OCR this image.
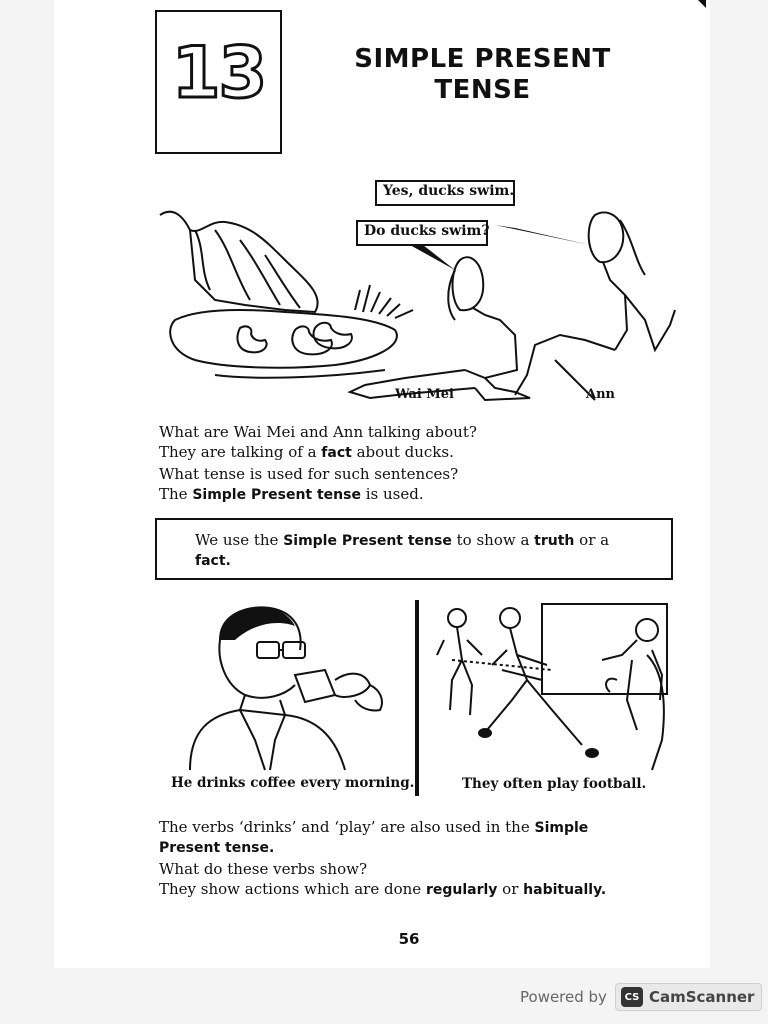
13	SIMPLE PRESENT
TENSE
Yes, ducks swim.
Do ducks swim?
Wai Mei	Ann
What are Wai Mei and Ann talking about?
They are talking of a fact about ducks.
What tense is used for such sentences?
The Simple Present tense is used.
We use the Simple Present tense to show a truth or a
fact.
He drinks coffee every morning.	They often play football.
The verbs ‘drinks’ and ‘play’ are also used in the Simple
Present tense.
What do these verbs show?
They show actions which are done regularly or habitually.
56
Powered by	CS CamScanner
